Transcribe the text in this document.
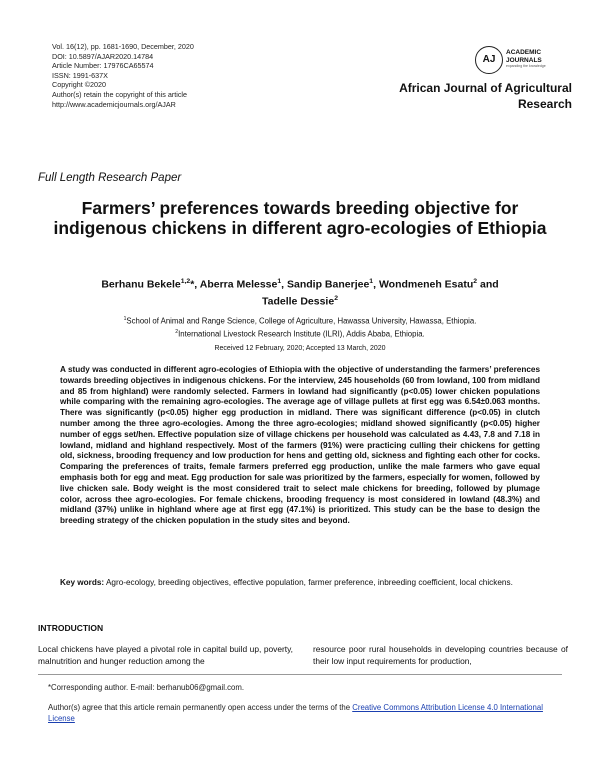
Vol. 16(12), pp. 1681-1690, December, 2020
DOI: 10.5897/AJAR2020.14784
Article Number: 17976CA65574
ISSN: 1991-637X
Copyright ©2020
Author(s) retain the copyright of this article
http://www.academicjournals.org/AJAR
AJ
ACADEMIC
JOURNALS
expanding the knowledge
African Journal of Agricultural
Research
Full Length Research Paper
Farmers’ preferences towards breeding objective for indigenous chickens in different agro-ecologies of Ethiopia
Berhanu Bekele$^{1,2}$*, Aberra Melesse$^1$, Sandip Banerjee$^1$, Wondmeneh Esatu$^2$ and
Tadelle Dessie$^2$
$^1$School of Animal and Range Science, College of Agriculture, Hawassa University, Hawassa, Ethiopia.
$^2$International Livestock Research Institute (ILRI), Addis Ababa, Ethiopia.
Received 12 February, 2020; Accepted 13 March, 2020
A study was conducted in different agro-ecologies of Ethiopia with the objective of understanding the farmers’ preferences towards breeding objectives in indigenous chickens. For the interview, 245 households (60 from lowland, 100 from midland and 85 from highland) were randomly selected. Farmers in lowland had significantly (p<0.05) lower chicken populations while comparing with the remaining agro-ecologies. The average age of village pullets at first egg was 6.54±0.063 months. There was significantly (p<0.05) higher egg production in midland. There was significant difference (p<0.05) in clutch number among the three agro-ecologies. Among the three agro-ecologies; midland showed significantly (p<0.05) higher number of eggs set/hen. Effective population size of village chickens per household was calculated as 4.43, 7.8 and 7.18 in lowland, midland and highland respectively. Most of the farmers (91%) were practicing culling their chickens for getting old, sickness, brooding frequency and low production for hens and getting old, sickness and fighting each other for cocks. Comparing the preferences of traits, female farmers preferred egg production, unlike the male farmers who gave equal emphasis both for egg and meat. Egg production for sale was prioritized by the farmers, especially for women, followed by live chicken sale. Body weight is the most considered trait to select male chickens for breeding, followed by plumage color, across thee agro-ecologies. For female chickens, brooding frequency is most considered in lowland (48.3%) and midland (37%) unlike in highland where age at first egg (47.1%) is prioritized. This study can be the base to design the breeding strategy of the chicken population in the study sites and beyond.
Key words: Agro-ecology, breeding objectives, effective population, farmer preference, inbreeding coefficient, local chickens.
INTRODUCTION
Local chickens have played a pivotal role in capital build up, poverty, malnutrition and hunger reduction among the
resource poor rural households in developing countries because of their low input requirements for production,
*Corresponding author. E-mail: berhanub06@gmail.com.
Author(s) agree that this article remain permanently open access under the terms of the Creative Commons Attribution License 4.0 International License
